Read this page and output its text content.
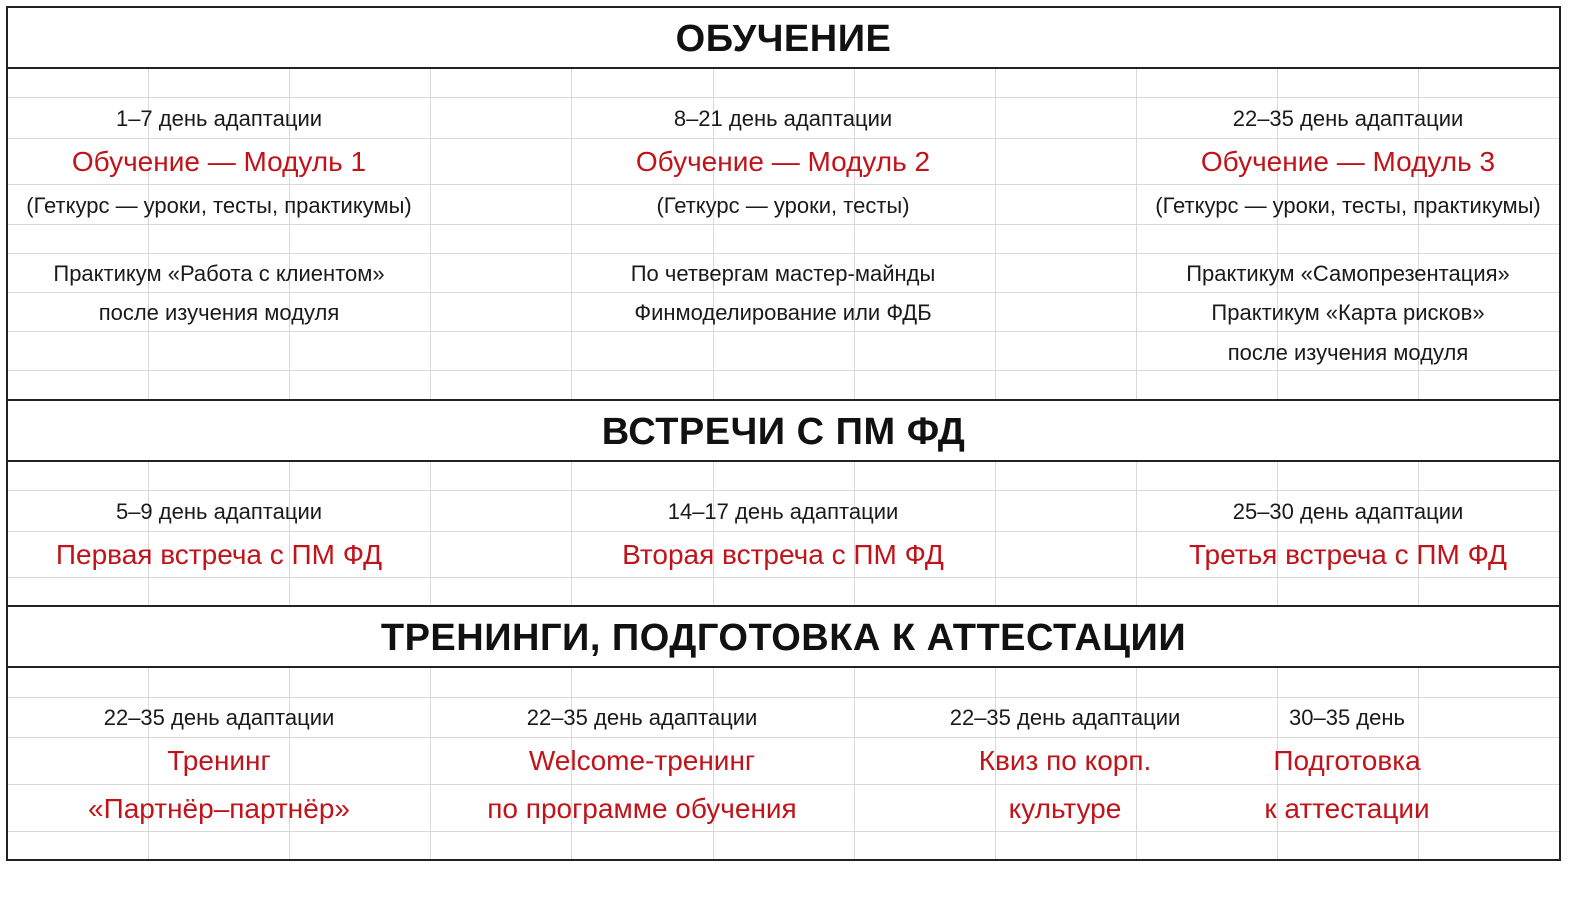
ОБУЧЕНИЕ
1–7 день адаптации
Обучение — Модуль 1
(Геткурс — уроки, тесты, практикумы)
Практикум «Работа с клиентом»
после изучения модуля
8–21 день адаптации
Обучение — Модуль 2
(Геткурс — уроки, тесты)
По четвергам мастер-майнды
Финмоделирование или ФДБ
22–35 день адаптации
Обучение — Модуль 3
(Геткурс — уроки, тесты, практикумы)
Практикум «Самопрезентация»
Практикум «Карта рисков»
после изучения модуля
ВСТРЕЧИ С ПМ ФД
5–9 день адаптации
Первая встреча с ПМ ФД
14–17 день адаптации
Вторая встреча с ПМ ФД
25–30 день адаптации
Третья встреча с ПМ ФД
ТРЕНИНГИ, ПОДГОТОВКА К АТТЕСТАЦИИ
22–35 день адаптации
Тренинг
«Партнёр–партнёр»
22–35 день адаптации
Welcome-тренинг
по программе обучения
22–35 день адаптации
Квиз по корп.
культуре
30–35 день
Подготовка
к аттестации
